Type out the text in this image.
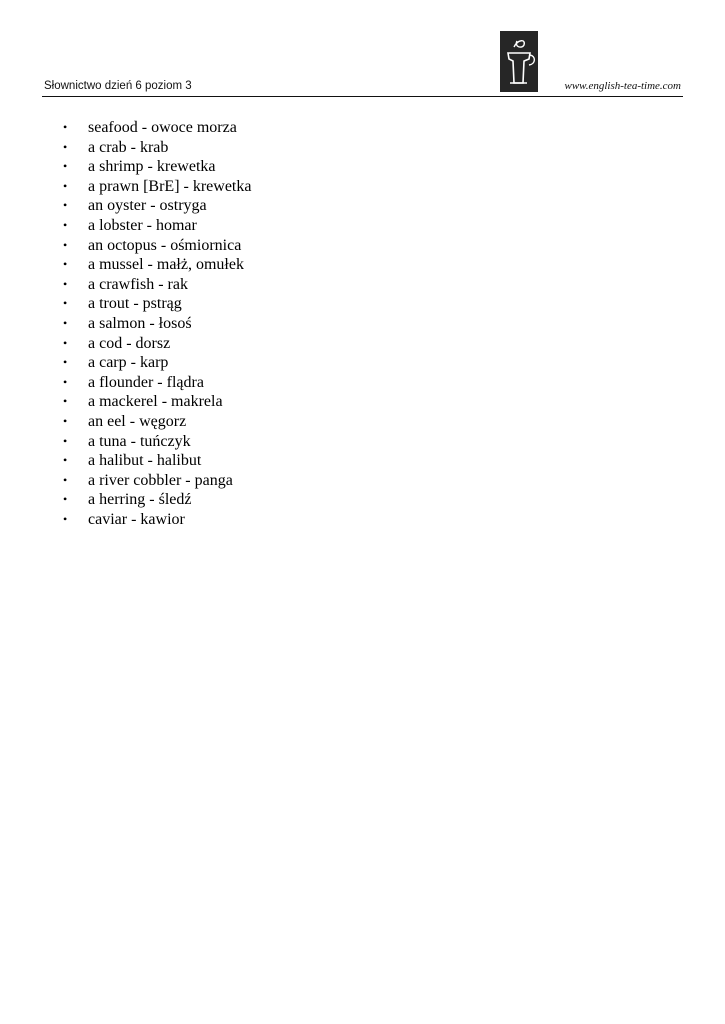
Słownictwo dzień 6 poziom 3	www.english-tea-time.com
•	seafood - owoce morza
•	a crab - krab
•	a shrimp - krewetka
•	a prawn [BrE] - krewetka
•	an oyster - ostryga
•	a lobster - homar
•	an octopus - ośmiornica
•	a mussel - małż, omułek
•	a crawfish - rak
•	a trout - pstrąg
•	a salmon - łosoś
•	a cod - dorsz
•	a carp - karp
•	a flounder - flądra
•	a mackerel - makrela
•	an eel - węgorz
•	a tuna - tuńczyk
•	a halibut - halibut
•	a river cobbler - panga
•	a herring - śledź
•	caviar - kawior
